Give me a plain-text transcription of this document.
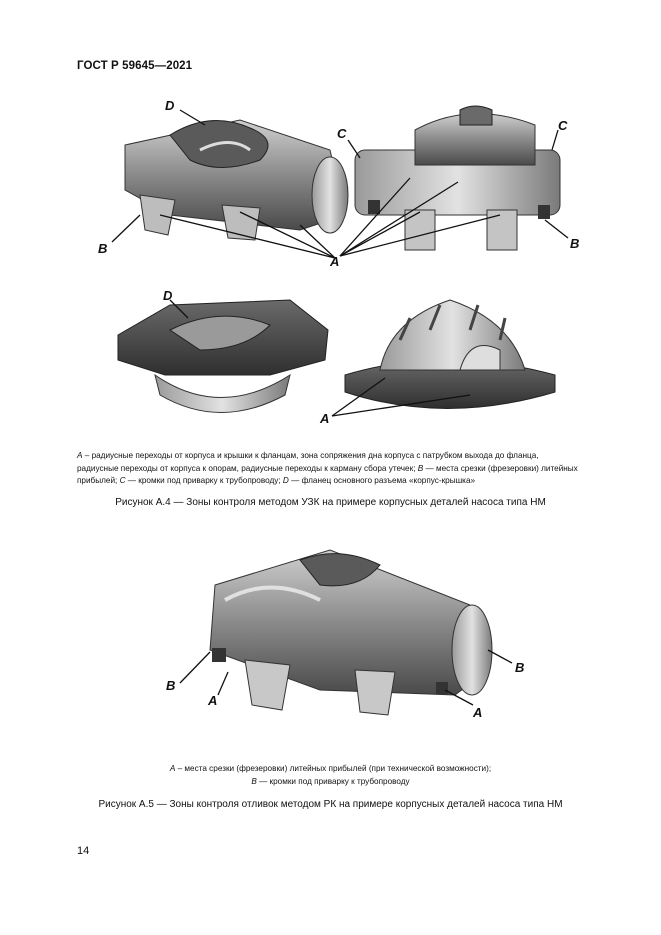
ГОСТ Р 59645—2021
D
C
C
B	B
A
D
A
B
A
B
A
А – радиусные переходы от корпуса и крышки к фланцам, зона сопряжения дна корпуса с патрубком выхода до фланца,
радиусные переходы от корпуса к опорам, радиусные переходы к карману сбора утечек; B — места срезки (фрезеровки) литейных
прибылей; C — кромки под приварку к трубопроводу; D — фланец основного разъема «корпус-крышка»
Рисунок А.4 — Зоны контроля методом УЗК на примере корпусных деталей насоса типа НМ
A – места срезки (фрезеровки) литейных прибылей (при технической возможности);
B — кромки под приварку к трубопроводу
Рисунок А.5 — Зоны контроля отливок методом РК на примере корпусных деталей насоса типа НМ
14
